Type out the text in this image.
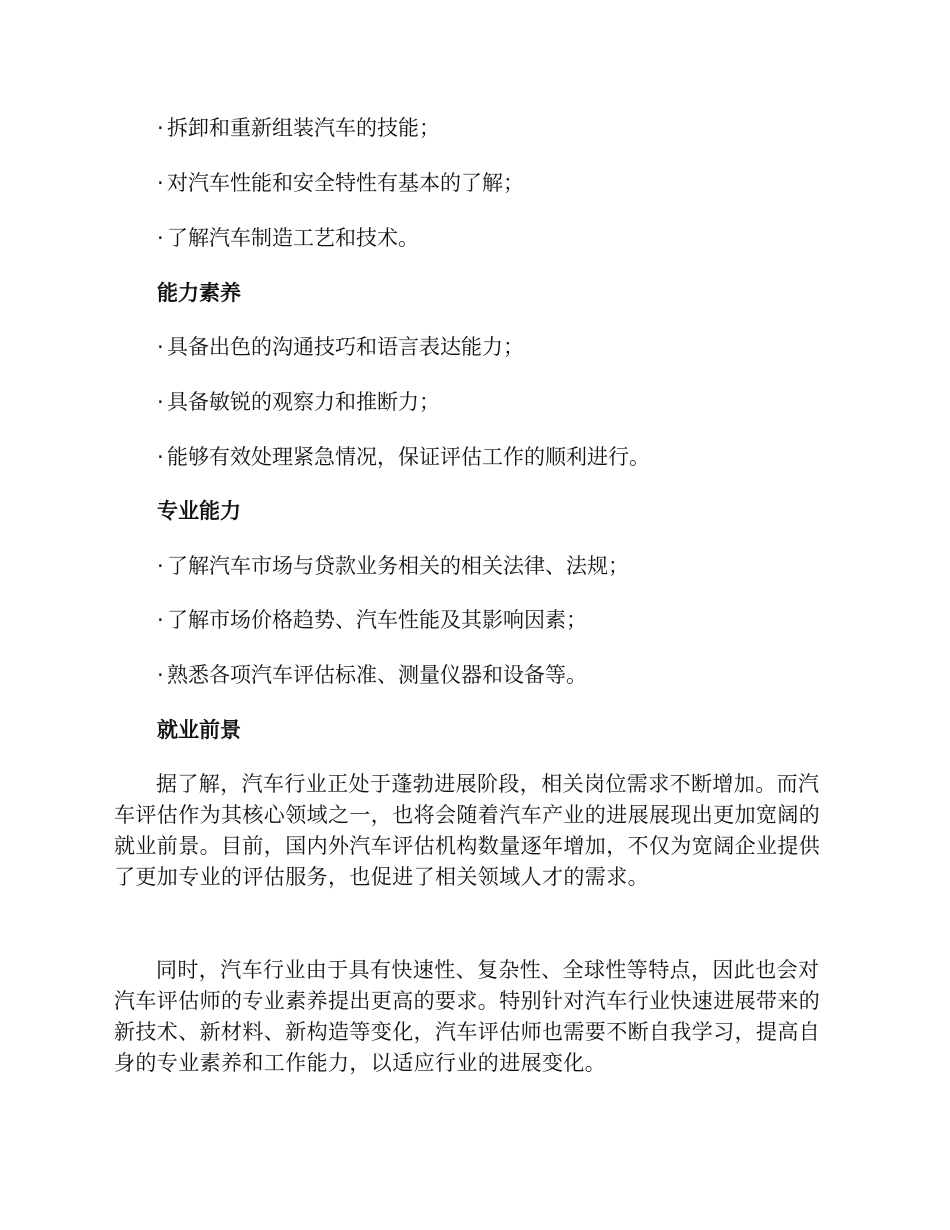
· 拆卸和重新组装汽车的技能；
· 对汽车性能和安全特性有基本的了解；
· 了解汽车制造工艺和技术。
能力素养
· 具备出色的沟通技巧和语言表达能力；
· 具备敏锐的观察力和推断力；
· 能够有效处理紧急情况，保证评估工作的顺利进行。
专业能力
· 了解汽车市场与贷款业务相关的相关法律、法规；
· 了解市场价格趋势、汽车性能及其影响因素；
· 熟悉各项汽车评估标准、测量仪器和设备等。
就业前景
据了解，汽车行业正处于蓬勃进展阶段，相关岗位需求不断增加。而汽车评估作为其核心领域之一，也将会随着汽车产业的进展展现出更加宽阔的就业前景。目前，国内外汽车评估机构数量逐年增加，不仅为宽阔企业提供了更加专业的评估服务，也促进了相关领域人才的需求。
同时，汽车行业由于具有快速性、复杂性、全球性等特点，因此也会对汽车评估师的专业素养提出更高的要求。特别针对汽车行业快速进展带来的新技术、新材料、新构造等变化，汽车评估师也需要不断自我学习，提高自身的专业素养和工作能力，以适应行业的进展变化。
